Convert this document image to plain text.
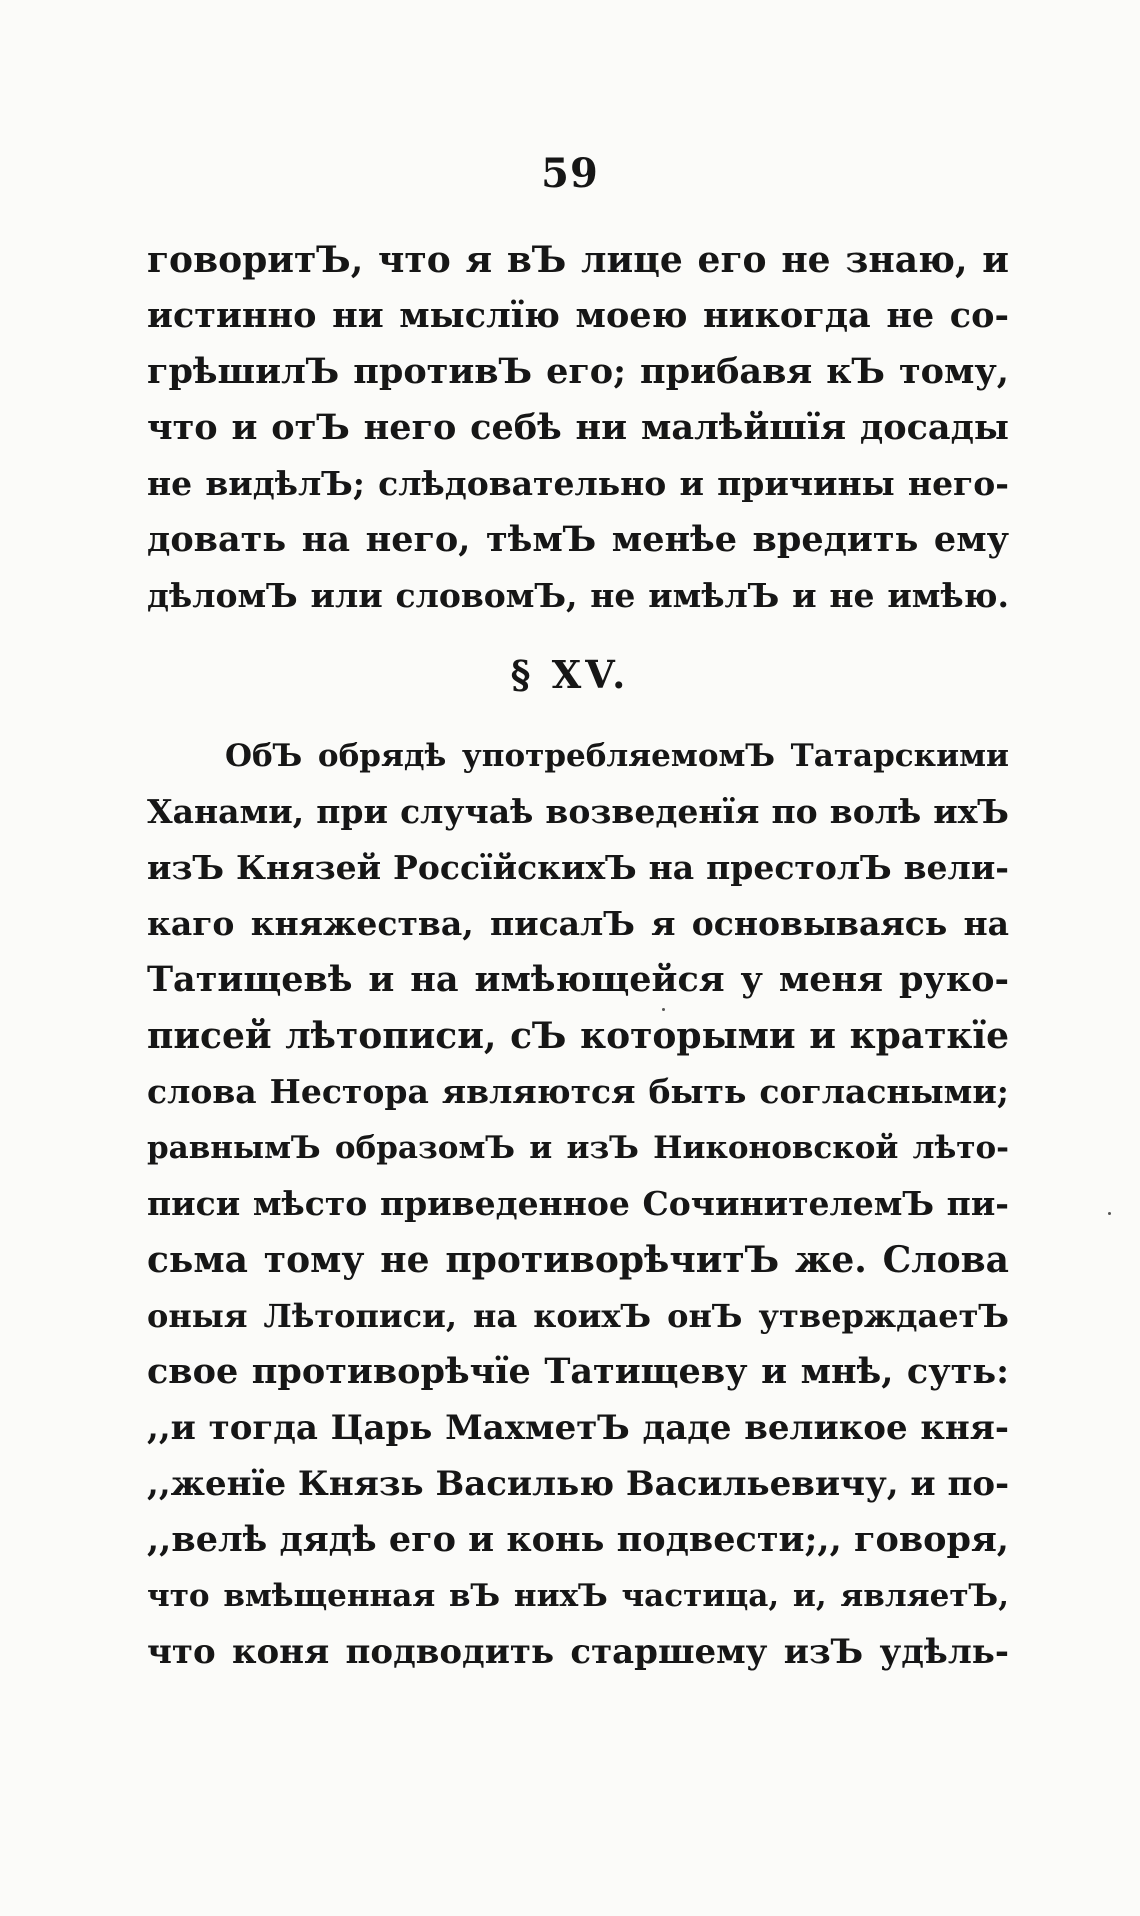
59
говоритЪ, что я вЪ лице его не знаю, и
истинно ни мыслїю моею никогда не со-
грѣшилЪ противЪ его; прибавя кЪ тому,
что и отЪ него себѣ ни малѣйшїя досады
не видѣлЪ; слѣдовательно и причины него-
довать на него, тѣмЪ менѣе вредить ему
дѣломЪ или словомЪ, не имѣлЪ и не имѣю.
§ XV.
ОбЪ обрядѣ употребляемомЪ Татарскими
Ханами, при случаѣ возведенїя по волѣ ихЪ
изЪ Князей РоссїйскихЪ на престолЪ вели-
каго княжества, писалЪ я основываясь на
Татищевѣ и на имѣющейся у меня руко-
писей лѣтописи, сЪ которыми и краткїе
слова Нестора являются быть согласными;
равнымЪ образомЪ и изЪ Никоновской лѣто-
писи мѣсто приведенное СочинителемЪ пи-
сьма тому не противорѣчитЪ же. Слова
оныя Лѣтописи, на коихЪ онЪ утверждаетЪ
свое противорѣчїе Татищеву и мнѣ, суть:
,,и тогда Царь МахметЪ даде великое кня-
,,женїе Князь Василью Васильевичу, и по-
,,велѣ дядѣ его и конь подвести;,, говоря,
что вмѣщенная вЪ нихЪ частица, и, являетЪ,
что коня подводить старшему изЪ удѣль-
